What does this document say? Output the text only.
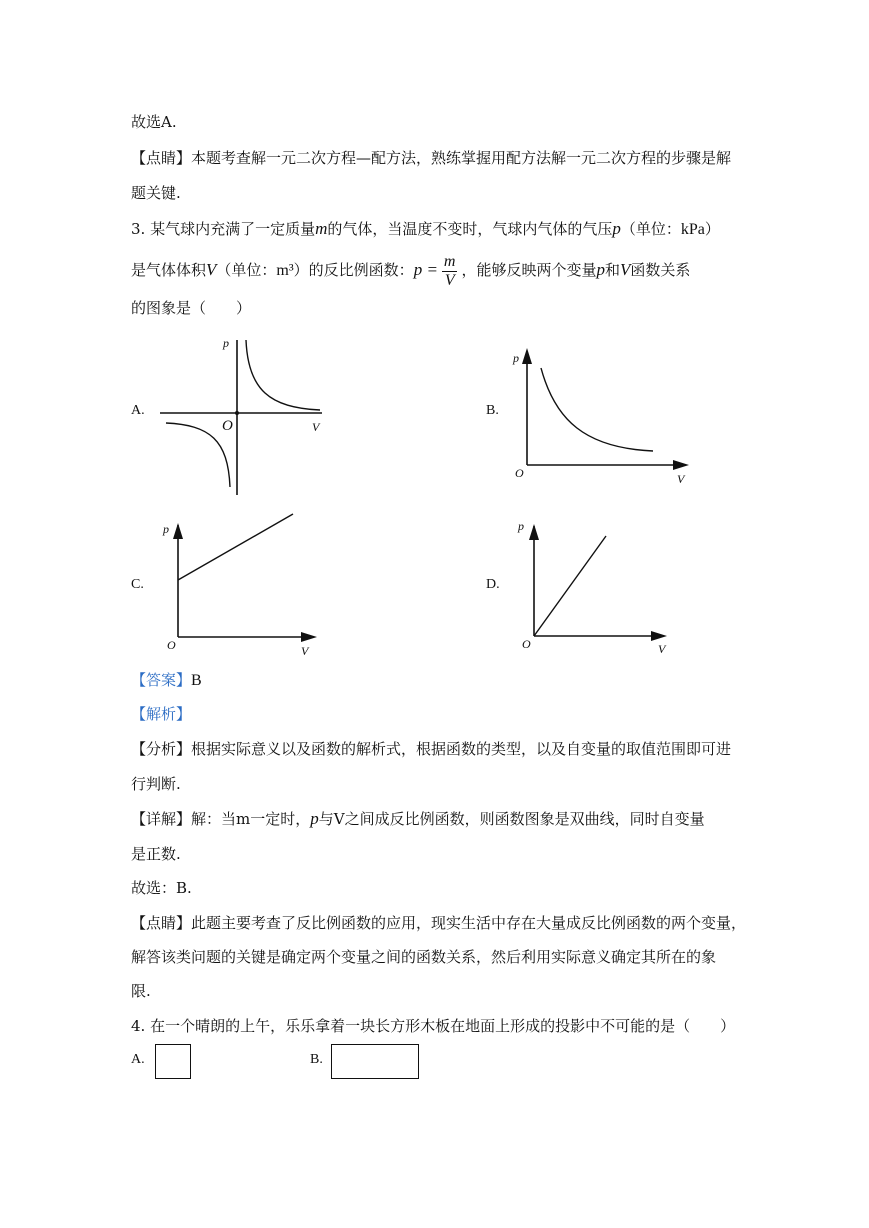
故选A.
【点睛】本题考查解一元二次方程—配方法，熟练掌握用配方法解一元二次方程的步骤是解
题关键.
3. 某气球内充满了一定质量m的气体，当温度不变时，气球内气体的气压p（单位：kPa）
是气体体积V（单位：m³）的反比例函数：$p = \frac{m}{V}$ ，能够反映两个变量p和V函数关系
的图象是（　　）
A.
p
V
O
B.
p
V
O
C.
p
V
O
D.
p
V
O
【答案】B
【解析】
【分析】根据实际意义以及函数的解析式，根据函数的类型，以及自变量的取值范围即可进
行判断.
【详解】解：当m一定时，p与V之间成反比例函数，则函数图象是双曲线，同时自变量
是正数.
故选：B.
【点睛】此题主要考查了反比例函数的应用，现实生活中存在大量成反比例函数的两个变量，
解答该类问题的关键是确定两个变量之间的函数关系，然后利用实际意义确定其所在的象
限.
4. 在一个晴朗的上午，乐乐拿着一块长方形木板在地面上形成的投影中不可能的是（　　）
A.	B.
